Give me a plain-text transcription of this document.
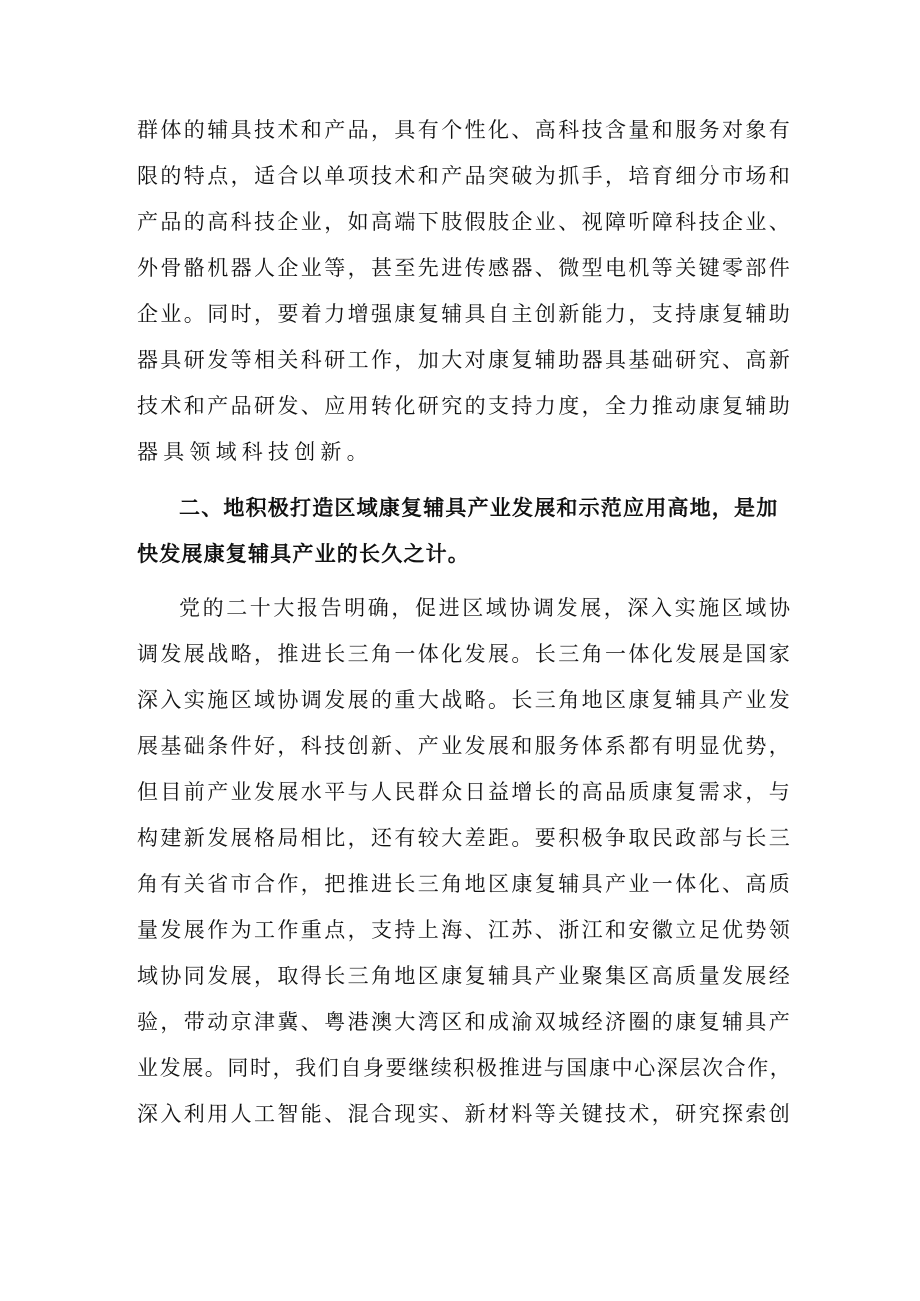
群体的辅具技术和产品，具有个性化、高科技含量和服务对象有
限的特点，适合以单项技术和产品突破为抓手，培育细分市场和
产品的高科技企业，如高端下肢假肢企业、视障听障科技企业、
外骨骼机器人企业等，甚至先进传感器、微型电机等关键零部件
企业。同时，要着力增强康复辅具自主创新能力，支持康复辅助
器具研发等相关科研工作，加大对康复辅助器具基础研究、高新
技术和产品研发、应用转化研究的支持力度，全力推动康复辅助
器具领域科技创新。
二、地积极打造区域康复辅具产业发展和示范应用高地，是加
快发展康复辅具产业的长久之计。
党的二十大报告明确，促进区域协调发展，深入实施区域协
调发展战略，推进长三角一体化发展。长三角一体化发展是国家
深入实施区域协调发展的重大战略。长三角地区康复辅具产业发
展基础条件好，科技创新、产业发展和服务体系都有明显优势，
但目前产业发展水平与人民群众日益增长的高品质康复需求，与
构建新发展格局相比，还有较大差距。要积极争取民政部与长三
角有关省市合作，把推进长三角地区康复辅具产业一体化、高质
量发展作为工作重点，支持上海、江苏、浙江和安徽立足优势领
域协同发展，取得长三角地区康复辅具产业聚集区高质量发展经
验，带动京津冀、粤港澳大湾区和成渝双城经济圈的康复辅具产
业发展。同时，我们自身要继续积极推进与国康中心深层次合作，
深入利用人工智能、混合现实、新材料等关键技术，研究探索创
